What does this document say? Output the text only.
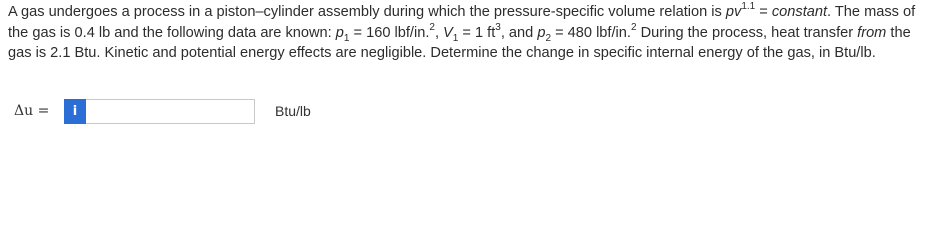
A gas undergoes a process in a piston–cylinder assembly during which the pressure-specific volume relation is $pv^{1.1}$ = constant. The mass of the gas is 0.4 lb and the following data are known: $p_1 = 160$ lbf/in.$^2$, $V_1 = 1$ $ft^3$, and $p_2 = 480$ lbf/in.$^2$ During the process, heat transfer from the gas is 2.1 Btu. Kinetic and potential energy effects are negligible. Determine the change in specific internal energy of the gas, in Btu/lb.
Δu =	i	Btu/lb
